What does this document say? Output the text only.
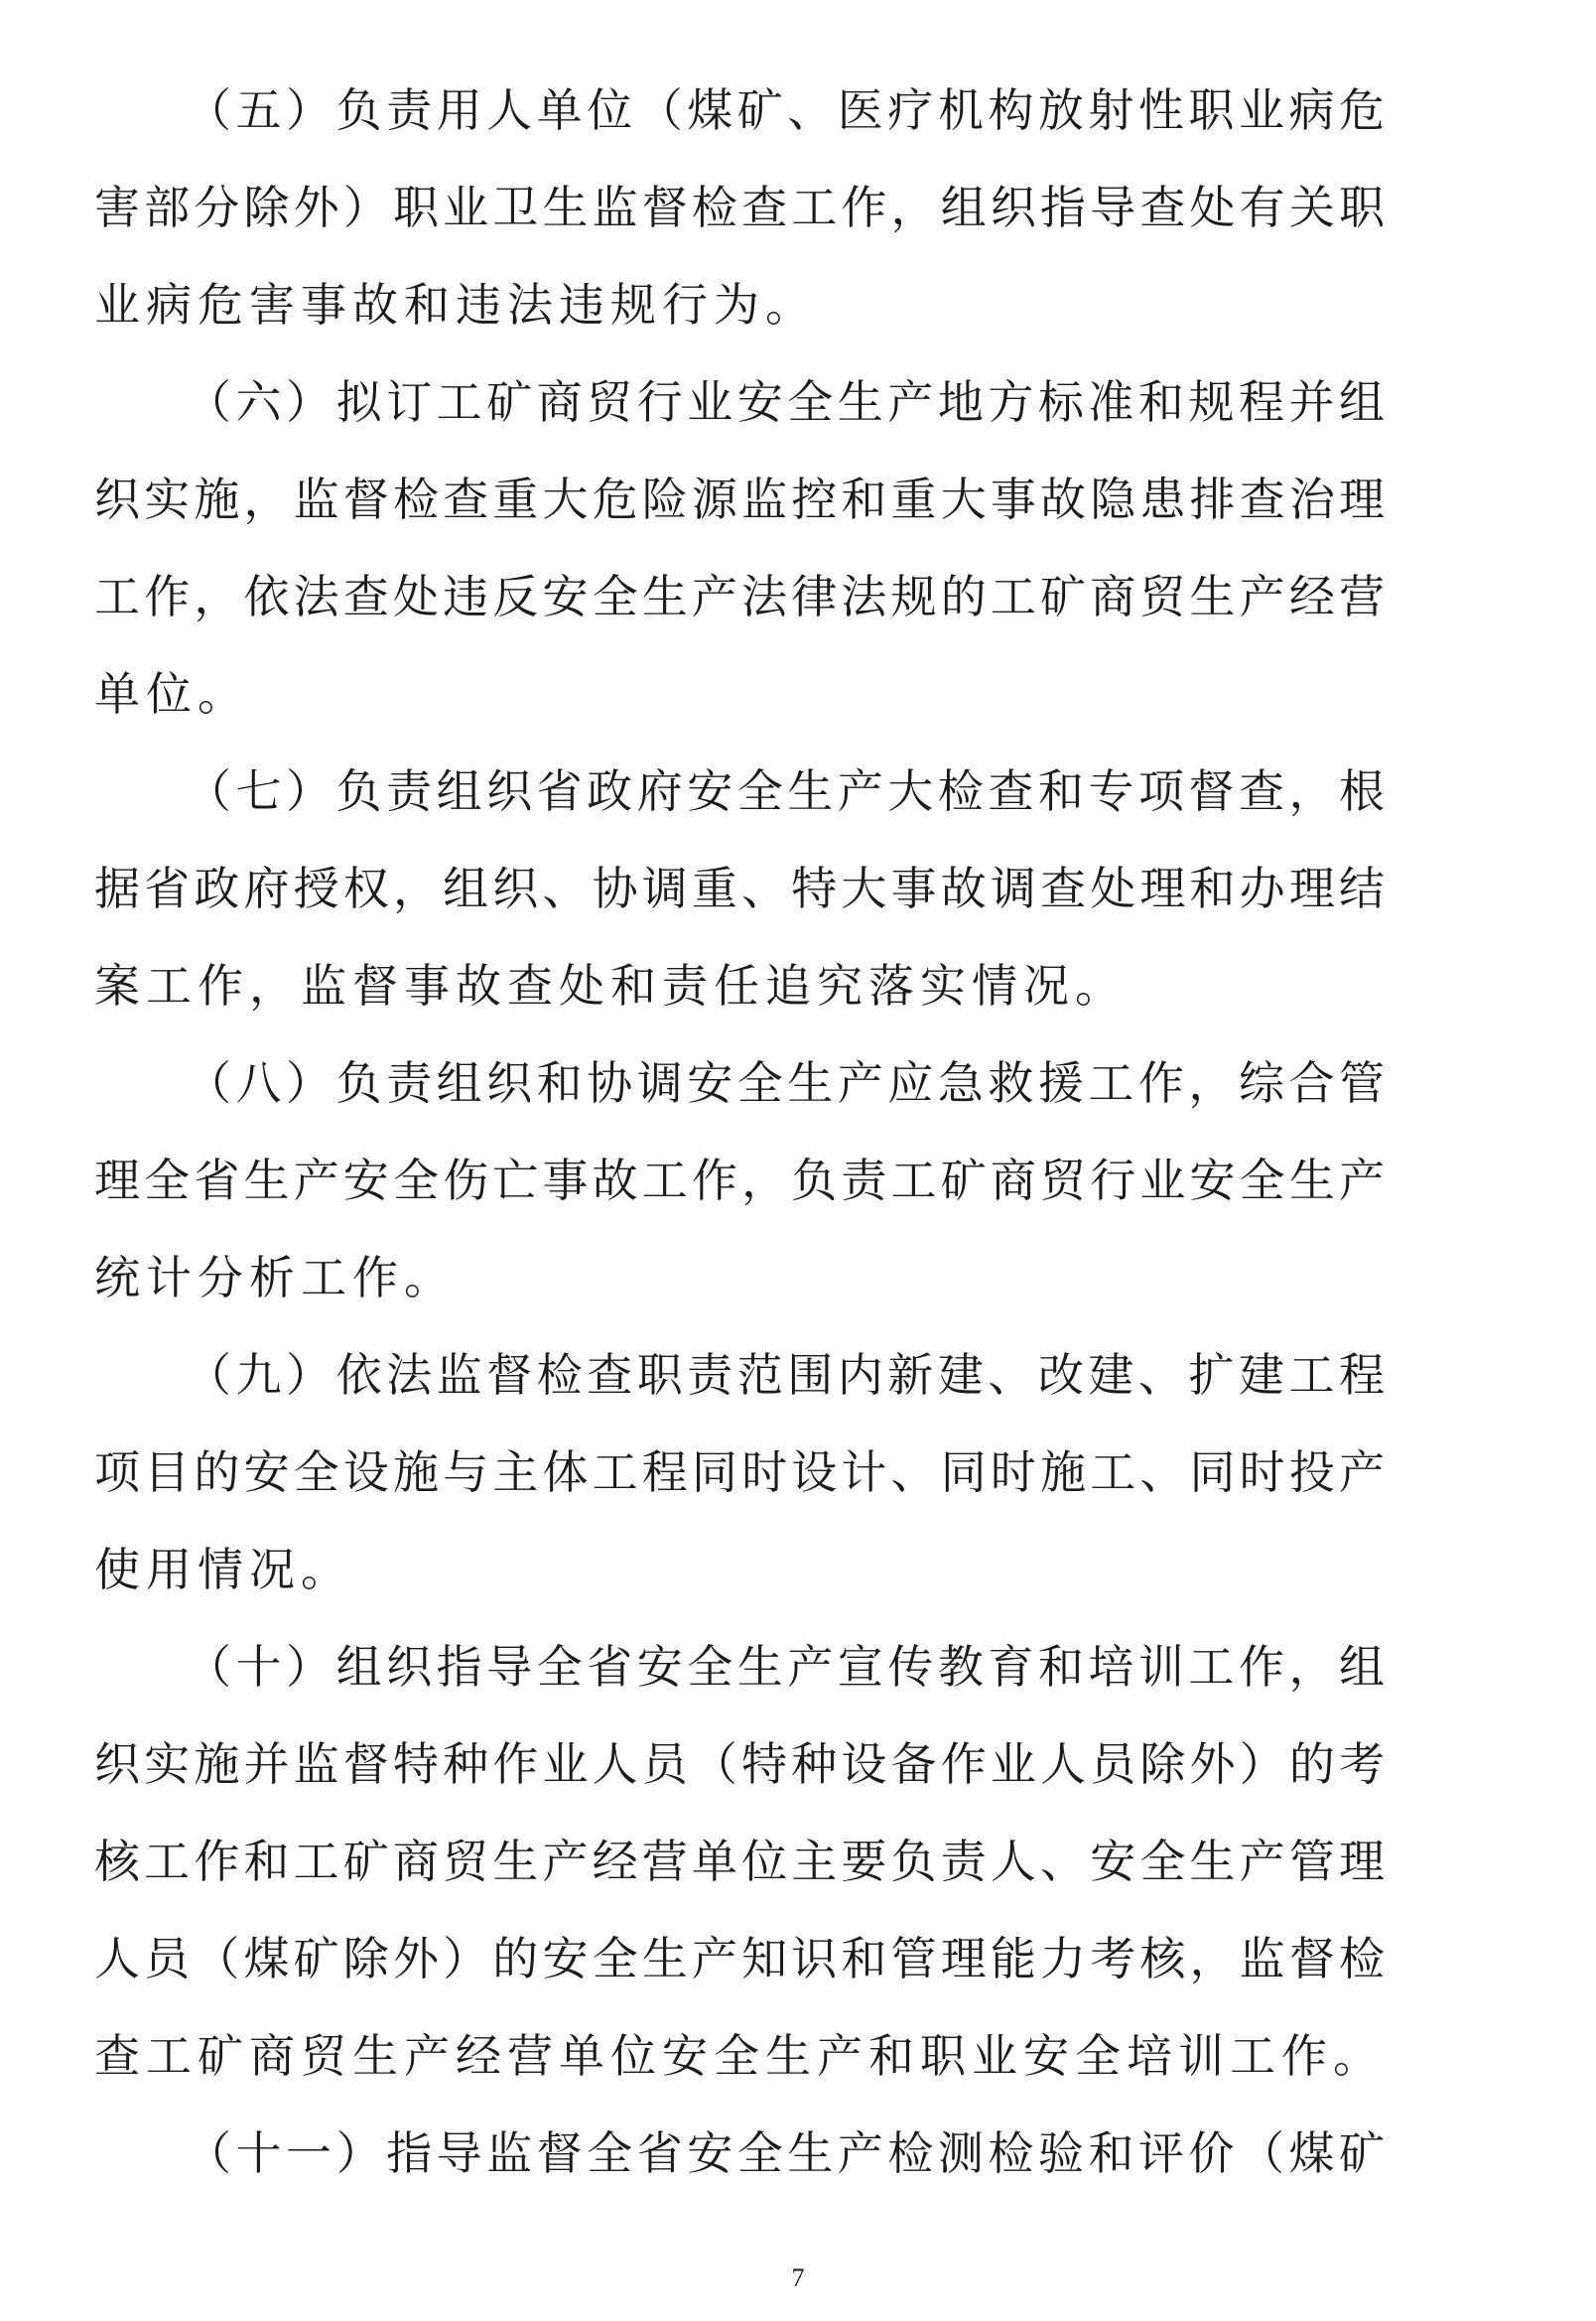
（五）负责用人单位（煤矿、医疗机构放射性职业病危
害部分除外）职业卫生监督检查工作，组织指导查处有关职
业病危害事故和违法违规行为。
（六）拟订工矿商贸行业安全生产地方标准和规程并组
织实施，监督检查重大危险源监控和重大事故隐患排查治理
工作，依法查处违反安全生产法律法规的工矿商贸生产经营
单位。
（七）负责组织省政府安全生产大检查和专项督查，根
据省政府授权，组织、协调重、特大事故调查处理和办理结
案工作，监督事故查处和责任追究落实情况。
（八）负责组织和协调安全生产应急救援工作，综合管
理全省生产安全伤亡事故工作，负责工矿商贸行业安全生产
统计分析工作。
（九）依法监督检查职责范围内新建、改建、扩建工程
项目的安全设施与主体工程同时设计、同时施工、同时投产
使用情况。
（十）组织指导全省安全生产宣传教育和培训工作，组
织实施并监督特种作业人员（特种设备作业人员除外）的考
核工作和工矿商贸生产经营单位主要负责人、安全生产管理
人员（煤矿除外）的安全生产知识和管理能力考核，监督检
查工矿商贸生产经营单位安全生产和职业安全培训工作。
（十一）指导监督全省安全生产检测检验和评价（煤矿
7
